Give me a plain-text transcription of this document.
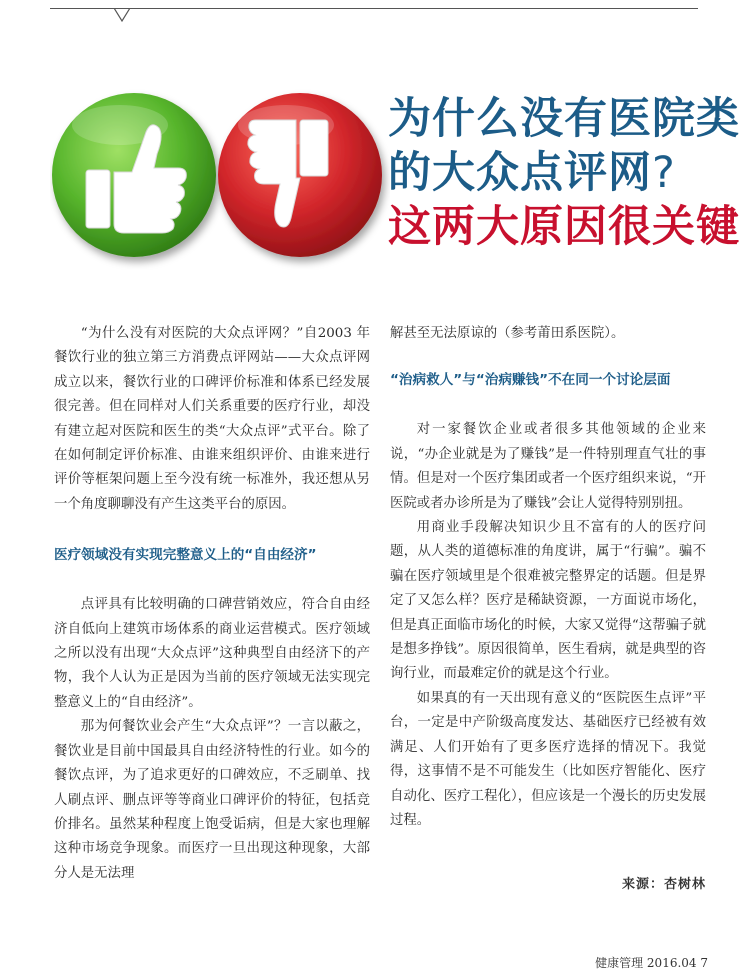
为什么没有医院类
的大众点评网?
这两大原因很关键

“为什么没有对医院的大众点评网？”自2003 年餐饮行业的独立第三方消费点评网站——大众点评网成立以来，餐饮行业的口碑评价标准和体系已经发展很完善。但在同样对人们关系重要的医疗行业，却没有建立起对医院和医生的类“大众点评”式平台。除了在如何制定评价标准、由谁来组织评价、由谁来进行评价等框架问题上至今没有统一标准外，我还想从另一个角度聊聊没有产生这类平台的原因。

医疗领域没有实现完整意义上的“自由经济”

点评具有比较明确的口碑营销效应，符合自由经济自低向上建筑市场体系的商业运营模式。医疗领域之所以没有出现“大众点评”这种典型自由经济下的产物，我个人认为正是因为当前的医疗领域无法实现完整意义上的“自由经济”。

那为何餐饮业会产生“大众点评”？一言以蔽之，餐饮业是目前中国最具自由经济特性的行业。如今的餐饮点评，为了追求更好的口碑效应，不乏刷单、找人刷点评、删点评等等商业口碑评价的特征，包括竞价排名。虽然某种程度上饱受诟病，但是大家也理解这种市场竞争现象。而医疗一旦出现这种现象，大部分人是无法理

解甚至无法原谅的（参考莆田系医院）。

“治病救人”与“治病赚钱”不在同一个讨论层面

对一家餐饮企业或者很多其他领域的企业来说，“办企业就是为了赚钱”是一件特别理直气壮的事情。但是对一个医疗集团或者一个医疗组织来说，“开医院或者办诊所是为了赚钱”会让人觉得特别别扭。

用商业手段解决知识少且不富有的人的医疗问题，从人类的道德标准的角度讲，属于“行骗”。骗不骗在医疗领域里是个很难被完整界定的话题。但是界定了又怎么样？医疗是稀缺资源，一方面说市场化，但是真正面临市场化的时候，大家又觉得“这帮骗子就是想多挣钱”。原因很简单，医生看病，就是典型的咨询行业，而最难定价的就是这个行业。

如果真的有一天出现有意义的“医院医生点评”平台，一定是中产阶级高度发达、基础医疗已经被有效满足、人们开始有了更多医疗选择的情况下。我觉得，这事情不是不可能发生（比如医疗智能化、医疗自动化、医疗工程化），但应该是一个漫长的历史发展过程。

来源：杏树林
健康管理 2016.04 7
